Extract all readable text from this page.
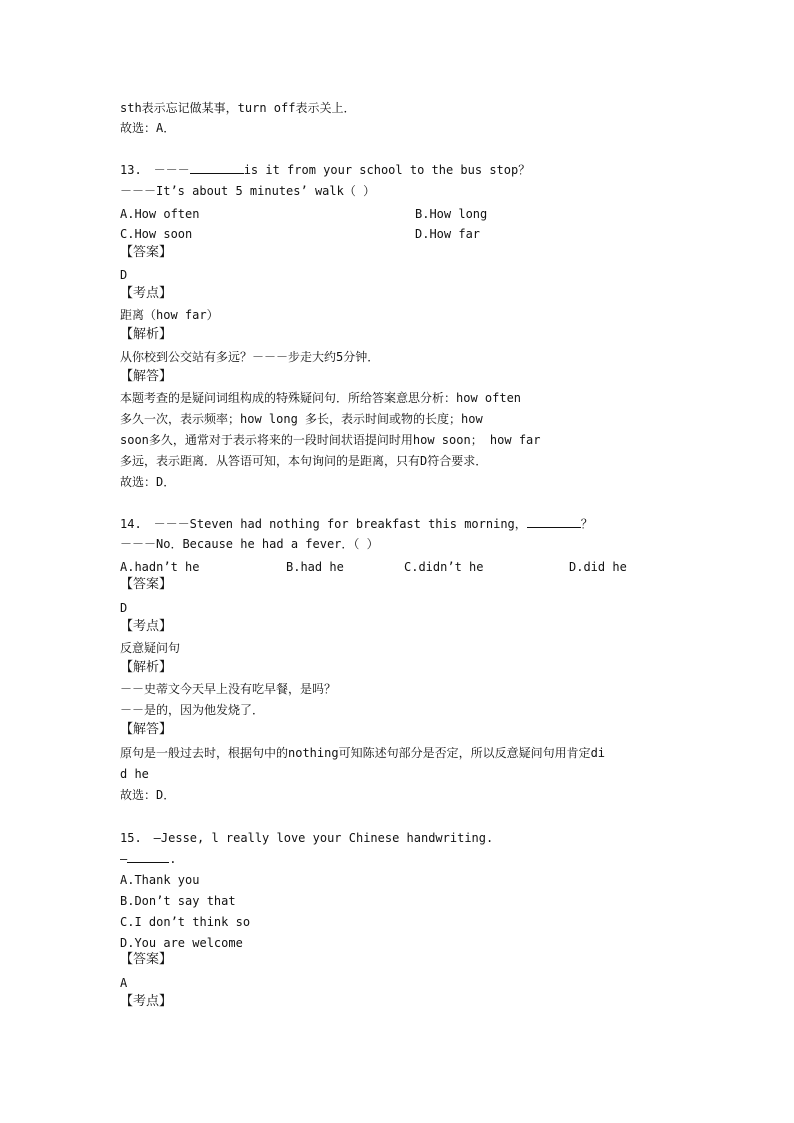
sth表示忘记做某事，turn off表示关上．
故选：A．
13.　－－－	is it from your school to the bus stop？
－－－It’s about 5 minutes’ walk（ ）
A.How often	B.How long
C.How soon	D.How far
【答案】
D
【考点】
距离（how far）
【解析】
从你校到公交站有多远？－－－步走大约5分钟．
【解答】
本题考查的是疑问词组构成的特殊疑问句．所给答案意思分析：how often
多久一次，表示频率；how long 多长，表示时间或物的长度；how
soon多久，通常对于表示将来的一段时间状语提问时用how soon； how far
多远，表示距离．从答语可知，本句询问的是距离，只有D符合要求．
故选：D．
14.　－－－Steven had nothing for breakfast this morning，	？
－－－No．Because he had a fever．（ ）
A.hadn’t he	B.had he	C.didn’t he	D.did he
【答案】
D
【考点】
反意疑问句
【解析】
－－史蒂文今天早上没有吃早餐，是吗？
－－是的，因为他发烧了．
【解答】
原句是一般过去时，根据句中的nothing可知陈述句部分是否定，所以反意疑问句用肯定di
d he
故选：D．
15.　—Jesse, l really love your Chinese handwriting.
—	.
A.Thank you
B.Don’t say that
C.I don’t think so
D.You are welcome
【答案】
A
【考点】
